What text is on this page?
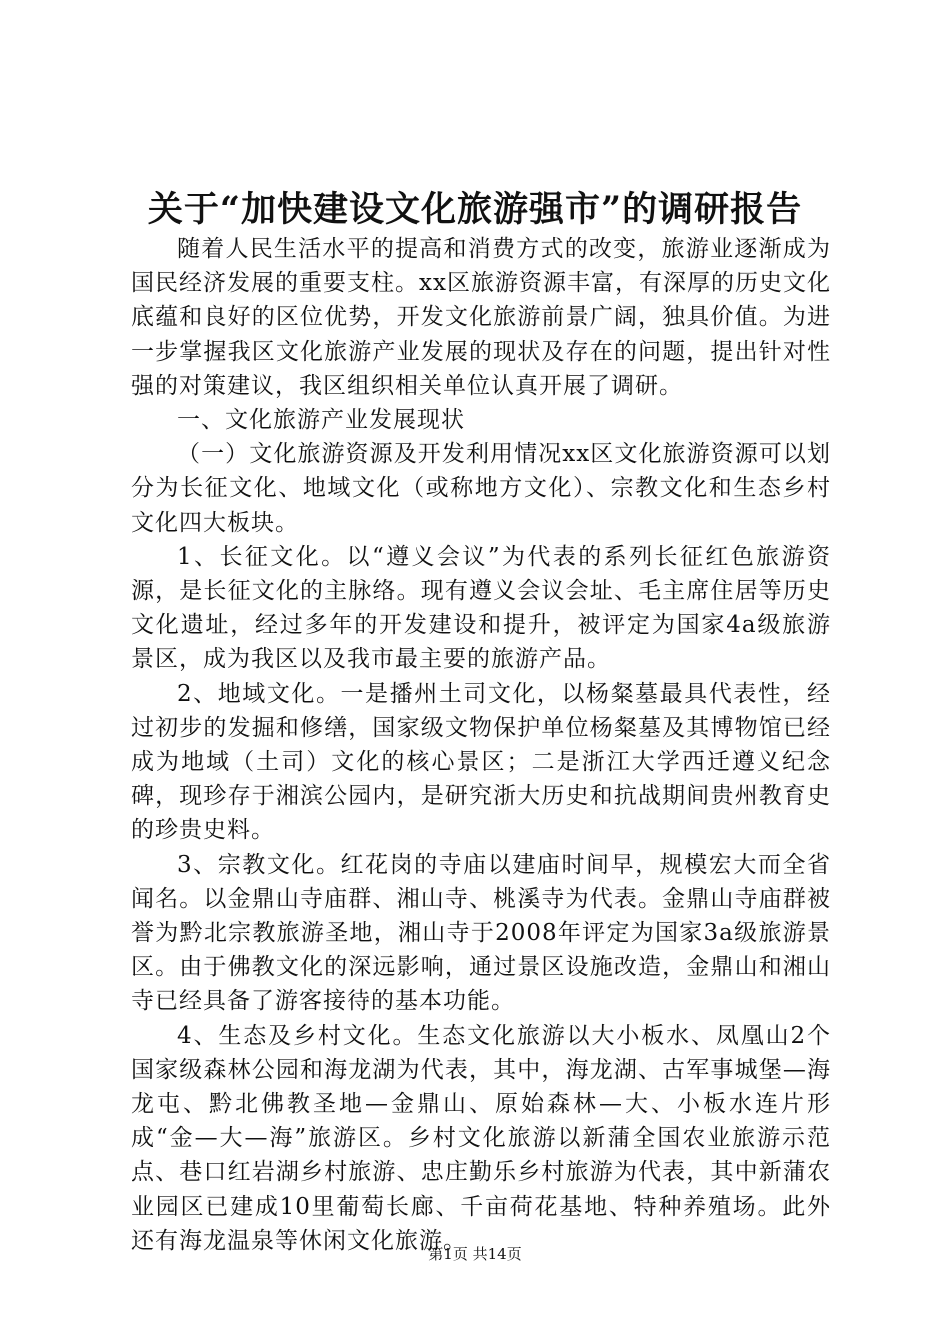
关于“加快建设文化旅游强市”的调研报告

随着人民生活水平的提高和消费方式的改变，旅游业逐渐成为国民经济发展的重要支柱。xx区旅游资源丰富，有深厚的历史文化底蕴和良好的区位优势，开发文化旅游前景广阔，独具价值。为进一步掌握我区文化旅游产业发展的现状及存在的问题，提出针对性强的对策建议，我区组织相关单位认真开展了调研。

一、文化旅游产业发展现状

（一）文化旅游资源及开发利用情况xx区文化旅游资源可以划分为长征文化、地域文化（或称地方文化）、宗教文化和生态乡村文化四大板块。

1、长征文化。以“遵义会议”为代表的系列长征红色旅游资源，是长征文化的主脉络。现有遵义会议会址、毛主席住居等历史文化遗址，经过多年的开发建设和提升，被评定为国家4a级旅游景区，成为我区以及我市最主要的旅游产品。

2、地域文化。一是播州土司文化，以杨粲墓最具代表性，经过初步的发掘和修缮，国家级文物保护单位杨粲墓及其博物馆已经成为地域（土司）文化的核心景区；二是浙江大学西迁遵义纪念碑，现珍存于湘滨公园内，是研究浙大历史和抗战期间贵州教育史的珍贵史料。

3、宗教文化。红花岗的寺庙以建庙时间早，规模宏大而全省闻名。以金鼎山寺庙群、湘山寺、桃溪寺为代表。金鼎山寺庙群被誉为黔北宗教旅游圣地，湘山寺于2008年评定为国家3a级旅游景区。由于佛教文化的深远影响，通过景区设施改造，金鼎山和湘山寺已经具备了游客接待的基本功能。

4、生态及乡村文化。生态文化旅游以大小板水、凤凰山2个国家级森林公园和海龙湖为代表，其中，海龙湖、古军事城堡—海龙屯、黔北佛教圣地—金鼎山、原始森林—大、小板水连片形成“金—大—海”旅游区。乡村文化旅游以新蒲全国农业旅游示范点、巷口红岩湖乡村旅游、忠庄勤乐乡村旅游为代表，其中新蒲农业园区已建成10里葡萄长廊、千亩荷花基地、特种养殖场。此外还有海龙温泉等休闲文化旅游。

第1页 共14页
